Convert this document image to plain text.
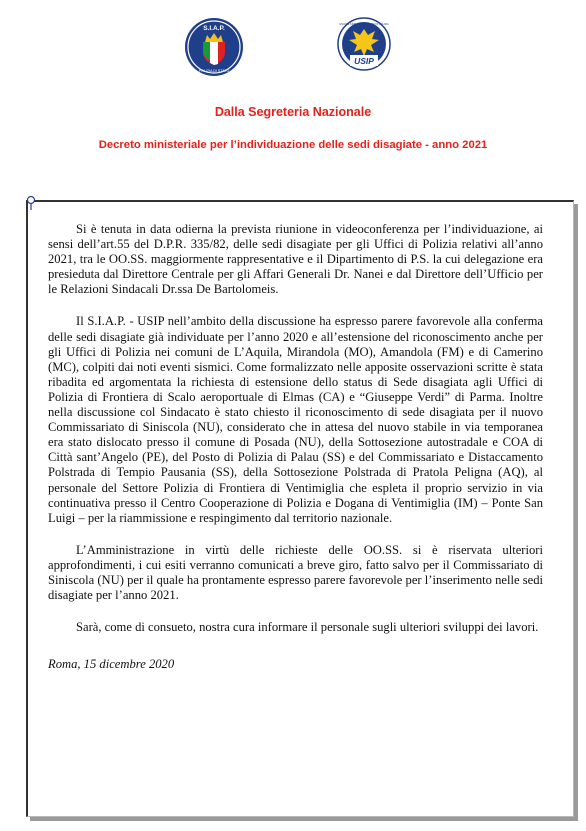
S.I.A.P.
POLIZIA DI STATO
USIP
UNIONE SINDACATI ITALIANI DI POLIZIA
Dalla Segreteria Nazionale
Decreto ministeriale per l’individuazione delle sedi disagiate - anno 2021

Si è tenuta in data odierna la prevista riunione in videoconferenza per l’individuazione, ai sensi dell’art.55 del D.P.R. 335/82, delle sedi disagiate per gli Uffici di Polizia relativi all’anno 2021, tra le OO.SS. maggiormente rappresentative e il Dipartimento di P.S. la cui delegazione era presieduta dal Direttore Centrale per gli Affari Generali Dr. Nanei e dal Direttore dell’Ufficio per le Relazioni Sindacali Dr.ssa De Bartolomeis.

Il S.I.A.P. - USIP nell’ambito della discussione ha espresso parere favorevole alla conferma delle sedi disagiate già individuate per l’anno 2020 e all’estensione del riconoscimento anche per gli Uffici di Polizia nei comuni de L’Aquila, Mirandola (MO), Amandola (FM) e di Camerino (MC), colpiti dai noti eventi sismici. Come formalizzato nelle apposite osservazioni scritte è stata ribadita ed argomentata la richiesta di estensione dello status di Sede disagiata agli Uffici di Polizia di Frontiera di Scalo aeroportuale di Elmas (CA) e “Giuseppe Verdi” di Parma. Inoltre nella discussione col Sindacato è stato chiesto il riconoscimento di sede disagiata per il nuovo Commissariato di Siniscola (NU), considerato che in attesa del nuovo stabile in via temporanea era stato dislocato presso il comune di Posada (NU), della Sottosezione autostradale e COA di Città sant’Angelo (PE), del Posto di Polizia di Palau (SS) e del Commissariato e Distaccamento Polstrada di Tempio Pausania (SS), della Sottosezione Polstrada di Pratola Peligna (AQ), al personale del Settore Polizia di Frontiera di Ventimiglia che espleta il proprio servizio in via continuativa presso il Centro Cooperazione di Polizia e Dogana di Ventimiglia (IM) – Ponte San Luigi – per la riammissione e respingimento dal territorio nazionale.

L’Amministrazione in virtù delle richieste delle OO.SS. si è riservata ulteriori approfondimenti, i cui esiti verranno comunicati a breve giro, fatto salvo per il Commissariato di Siniscola (NU) per il quale ha prontamente espresso parere favorevole per l’inserimento nelle sedi disagiate per l’anno 2021.

Sarà, come di consueto, nostra cura informare il personale sugli ulteriori sviluppi dei lavori.

Roma, 15 dicembre 2020
